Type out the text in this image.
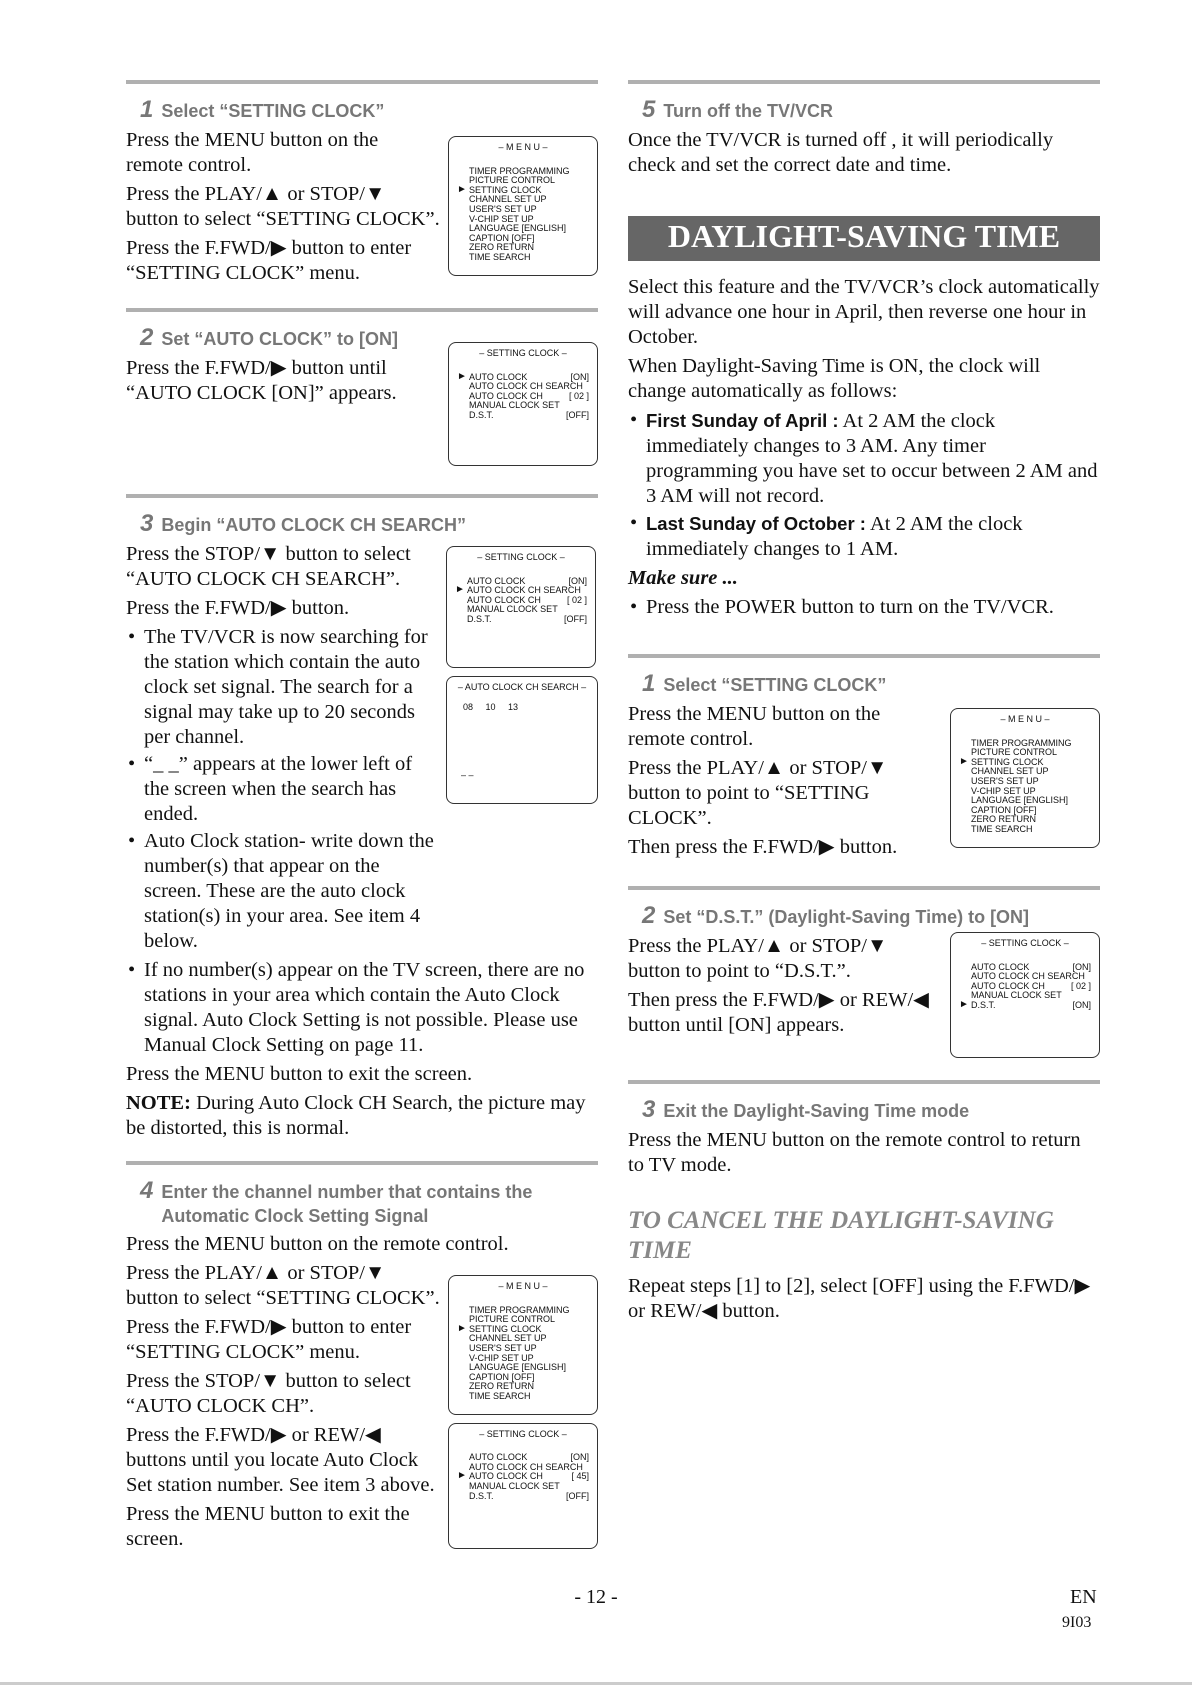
1 Select “SETTING CLOCK”

Press the MENU button on the remote control.

Press the PLAY/▲ or STOP/▼ button to select “SETTING CLOCK”.

Press the F.FWD/▶ button to enter “SETTING CLOCK” menu.

– M E N U –
TIMER PROGRAMMING
PICTURE CONTROL
► SETTING CLOCK
CHANNEL SET UP
USER'S SET UP
V-CHIP SET UP
LANGUAGE [ENGLISH]
CAPTION [OFF]
ZERO RETURN
TIME SEARCH
2 Set “AUTO CLOCK” to [ON]

Press the F.FWD/▶ button until “AUTO CLOCK [ON]” appears.

– SETTING CLOCK –
► AUTO CLOCK	[ON]
AUTO CLOCK CH SEARCH
AUTO CLOCK CH	[ 02 ]
MANUAL CLOCK SET
D.S.T.	[OFF]
3 Begin “AUTO CLOCK CH SEARCH”

Press the STOP/▼ button to select “AUTO CLOCK CH SEARCH”.

Press the F.FWD/▶ button.

• The TV/VCR is now searching for the station which contain the auto clock set signal. The search for a signal may take up to 20 seconds per channel.
• “_ _” appears at the lower left of the screen when the search has ended.
• Auto Clock station- write down the number(s) that appear on the screen. These are the auto clock station(s) in your area. See item 4 below.
– SETTING CLOCK –
AUTO CLOCK	[ON]
► AUTO CLOCK CH SEARCH
AUTO CLOCK CH	[ 02 ]
MANUAL CLOCK SET
D.S.T.	[OFF]
– AUTO CLOCK CH SEARCH –
08     10     13
– –
• If no number(s) appear on the TV screen, there are no stations in your area which contain the Auto Clock signal. Auto Clock Setting is not possible. Please use Manual Clock Setting on page 11.

Press the MENU button to exit the screen.

NOTE: During Auto Clock CH Search, the picture may be distorted, this is normal.

4 Enter the channel number that contains the Automatic Clock Setting Signal

Press the MENU button on the remote control.

Press the PLAY/▲ or STOP/▼ button to select “SETTING CLOCK”.

Press the F.FWD/▶ button to enter “SETTING CLOCK” menu.

Press the STOP/▼ button to select “AUTO CLOCK CH”.

Press the F.FWD/▶ or REW/◀ buttons until you locate Auto Clock Set station number. See item 3 above.

Press the MENU button to exit the screen.

– M E N U –
TIMER PROGRAMMING
PICTURE CONTROL
► SETTING CLOCK
CHANNEL SET UP
USER'S SET UP
V-CHIP SET UP
LANGUAGE [ENGLISH]
CAPTION [OFF]
ZERO RETURN
TIME SEARCH
– SETTING CLOCK –
AUTO CLOCK	[ON]
AUTO CLOCK CH SEARCH
► AUTO CLOCK CH	[ 45]
MANUAL CLOCK SET
D.S.T.	[OFF]
5 Turn off the TV/VCR

Once the TV/VCR is turned off , it will periodically check and set the correct date and time.

DAYLIGHT-SAVING TIME

Select this feature and the TV/VCR’s clock automatically will advance one hour in April, then reverse one hour in October.

When Daylight-Saving Time is ON, the clock will change automatically as follows:

• First Sunday of April : At 2 AM the clock immediately changes to 3 AM. Any timer programming you have set to occur between 2 AM and 3 AM will not record.
• Last Sunday of October : At 2 AM the clock immediately changes to 1 AM.

Make sure ...

• Press the POWER button to turn on the TV/VCR.
1 Select “SETTING CLOCK”

Press the MENU button on the remote control.

Press the PLAY/▲ or STOP/▼ button to point to “SETTING CLOCK”.

Then press the F.FWD/▶ button.

– M E N U –
TIMER PROGRAMMING
PICTURE CONTROL
► SETTING CLOCK
CHANNEL SET UP
USER'S SET UP
V-CHIP SET UP
LANGUAGE [ENGLISH]
CAPTION [OFF]
ZERO RETURN
TIME SEARCH
2 Set “D.S.T.” (Daylight-Saving Time) to [ON]

Press the PLAY/▲ or STOP/▼ button to point to “D.S.T.”.

Then press the F.FWD/▶ or REW/◀ button until [ON] appears.

– SETTING CLOCK –
AUTO CLOCK	[ON]
AUTO CLOCK CH SEARCH
AUTO CLOCK CH	[ 02 ]
MANUAL CLOCK SET
► D.S.T.	[ON]
3 Exit the Daylight-Saving Time mode

Press the MENU button on the remote control to return to TV mode.

TO CANCEL THE DAYLIGHT-SAVING TIME

Repeat steps [1] to [2], select [OFF] using the F.FWD/▶ or REW/◀ button.

- 12 -	EN
9I03
